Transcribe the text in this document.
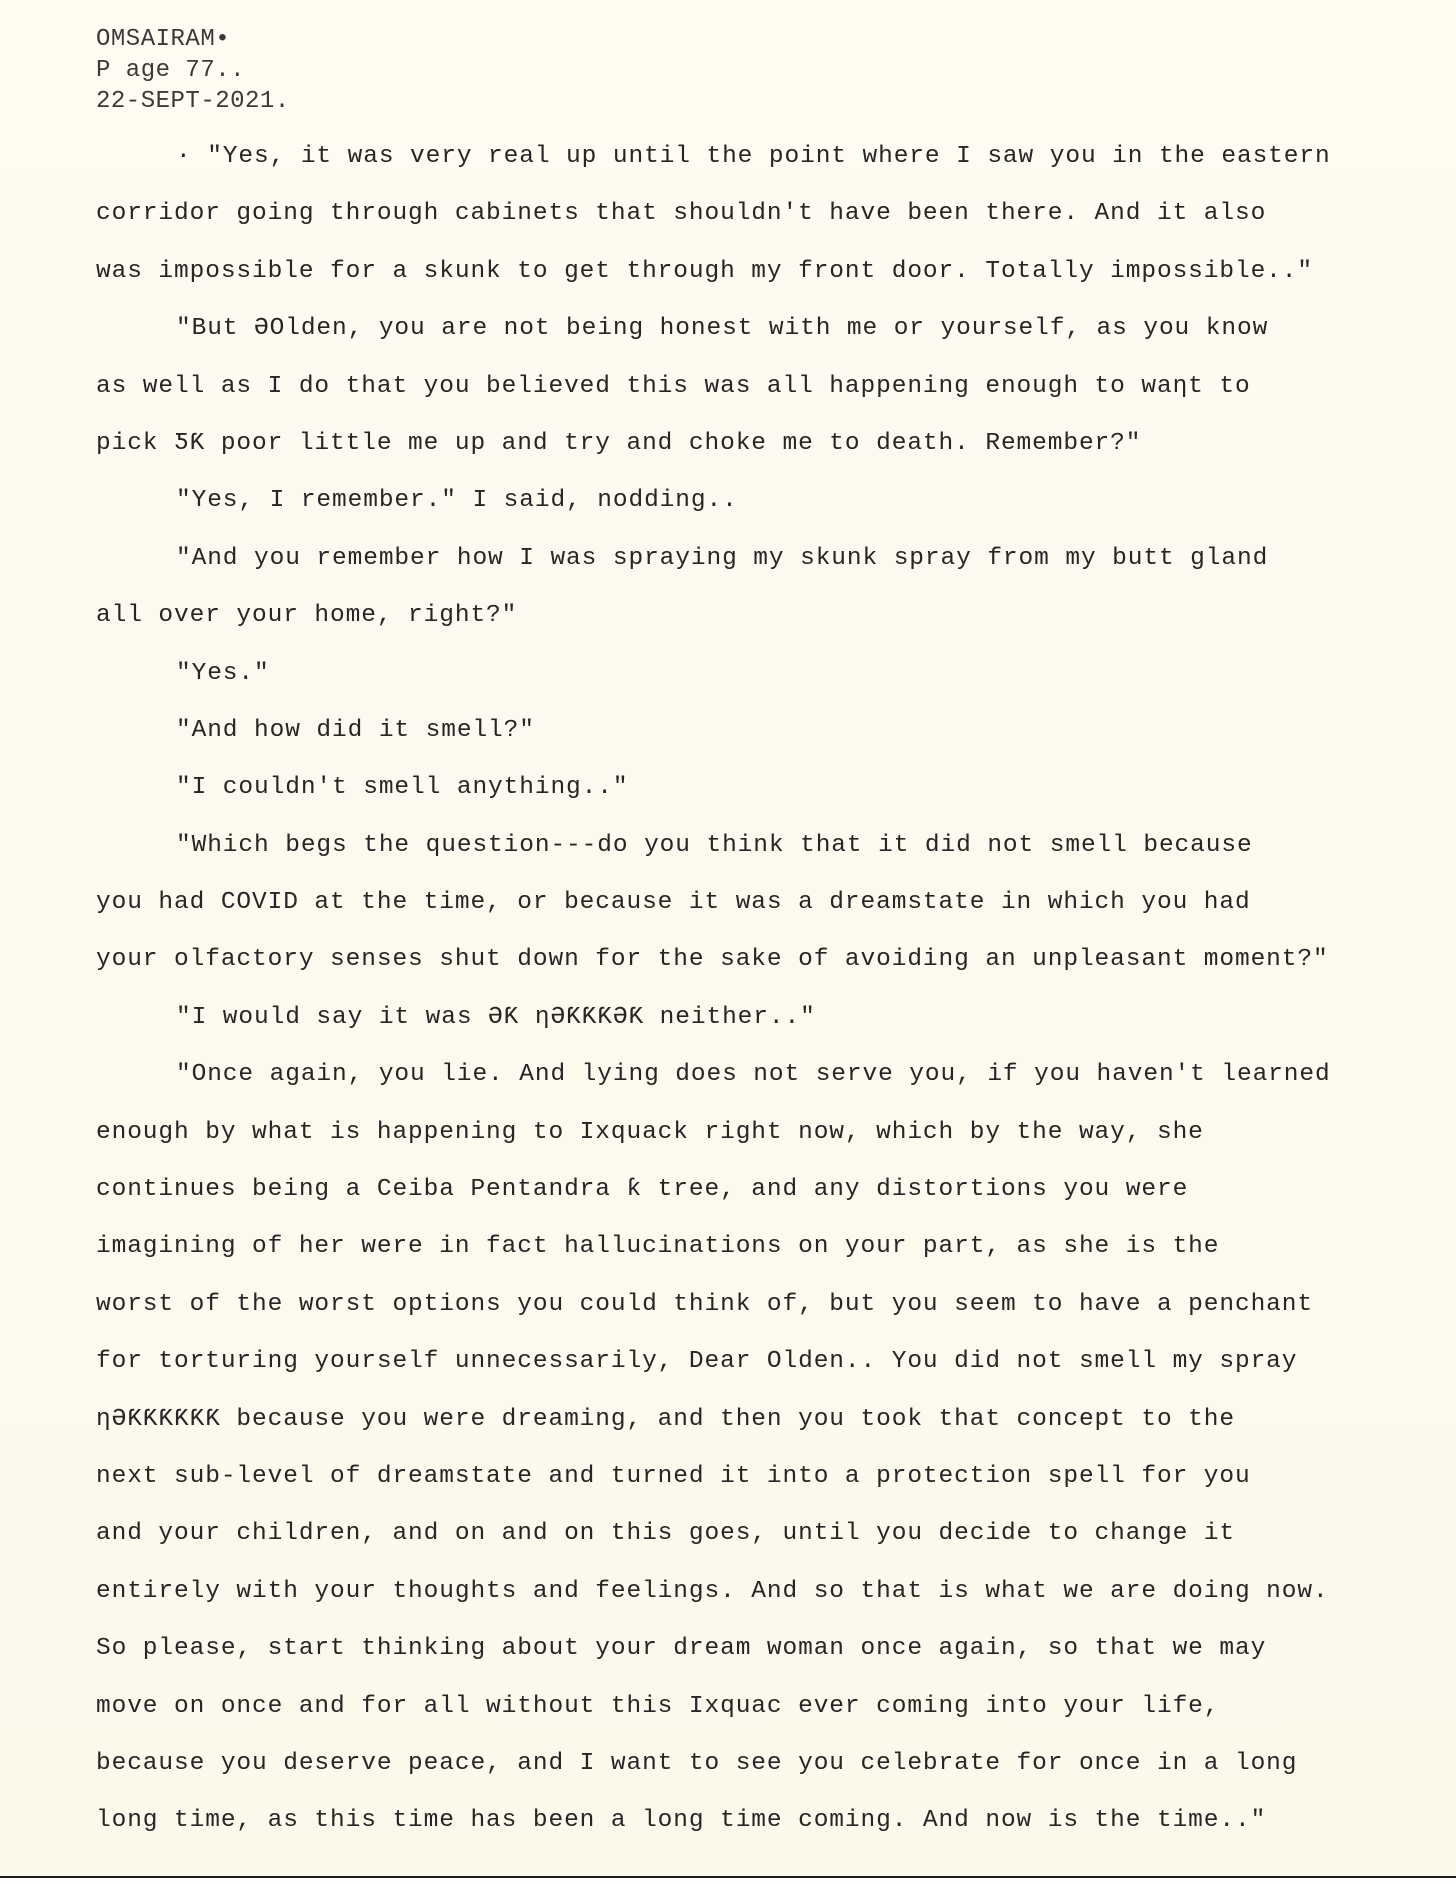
OMSAIRAM•
P age 77..
22-SEPT-2021.
· "Yes, it was very real up until the point where I saw you in the eastern
corridor going through cabinets that shouldn't have been there. And it also
was impossible for a skunk to get through my front door. Totally impossible.."
"But ƏOlden, you are not being honest with me or yourself, as you know
as well as I do that you believed this was all happening enough to waƞt to
pick ƼƘ poor little me up and try and choke me to death. Remember?"
"Yes, I remember." I said, nodding..
"And you remember how I was spraying my skunk spray from my butt gland
all over your home, right?"
"Yes."
"And how did it smell?"
"I couldn't smell anything.."
"Which begs the question---do you think that it did not smell because
you had COVID at the time, or because it was a dreamstate in which you had
your olfactory senses shut down for the sake of avoiding an unpleasant moment?"
"I would say it was ƏƘ ƞƏƘƘƘƏƘ neither.."
"Once again, you lie. And lying does not serve you, if you haven't learned
enough by what is happening to Ixquack right now, which by the way, she
continues being a Ceiba Pentandra ƙ tree, and any distortions you were
imagining of her were in fact hallucinations on your part, as she is the
worst of the worst options you could think of, but you seem to have a penchant
for torturing yourself unnecessarily, Dear Olden.. You did not smell my spray
ƞƏƘƘƘƘƘƘ because you were dreaming, and then you took that concept to the
next sub-level of dreamstate and turned it into a protection spell for you
and your children, and on and on this goes, until you decide to change it
entirely with your thoughts and feelings. And so that is what we are doing now.
So please, start thinking about your dream woman once again, so that we may
move on once and for all without this Ixquac ever coming into your life,
because you deserve peace, and I want to see you celebrate for once in a long
long time, as this time has been a long time coming. And now is the time.."
